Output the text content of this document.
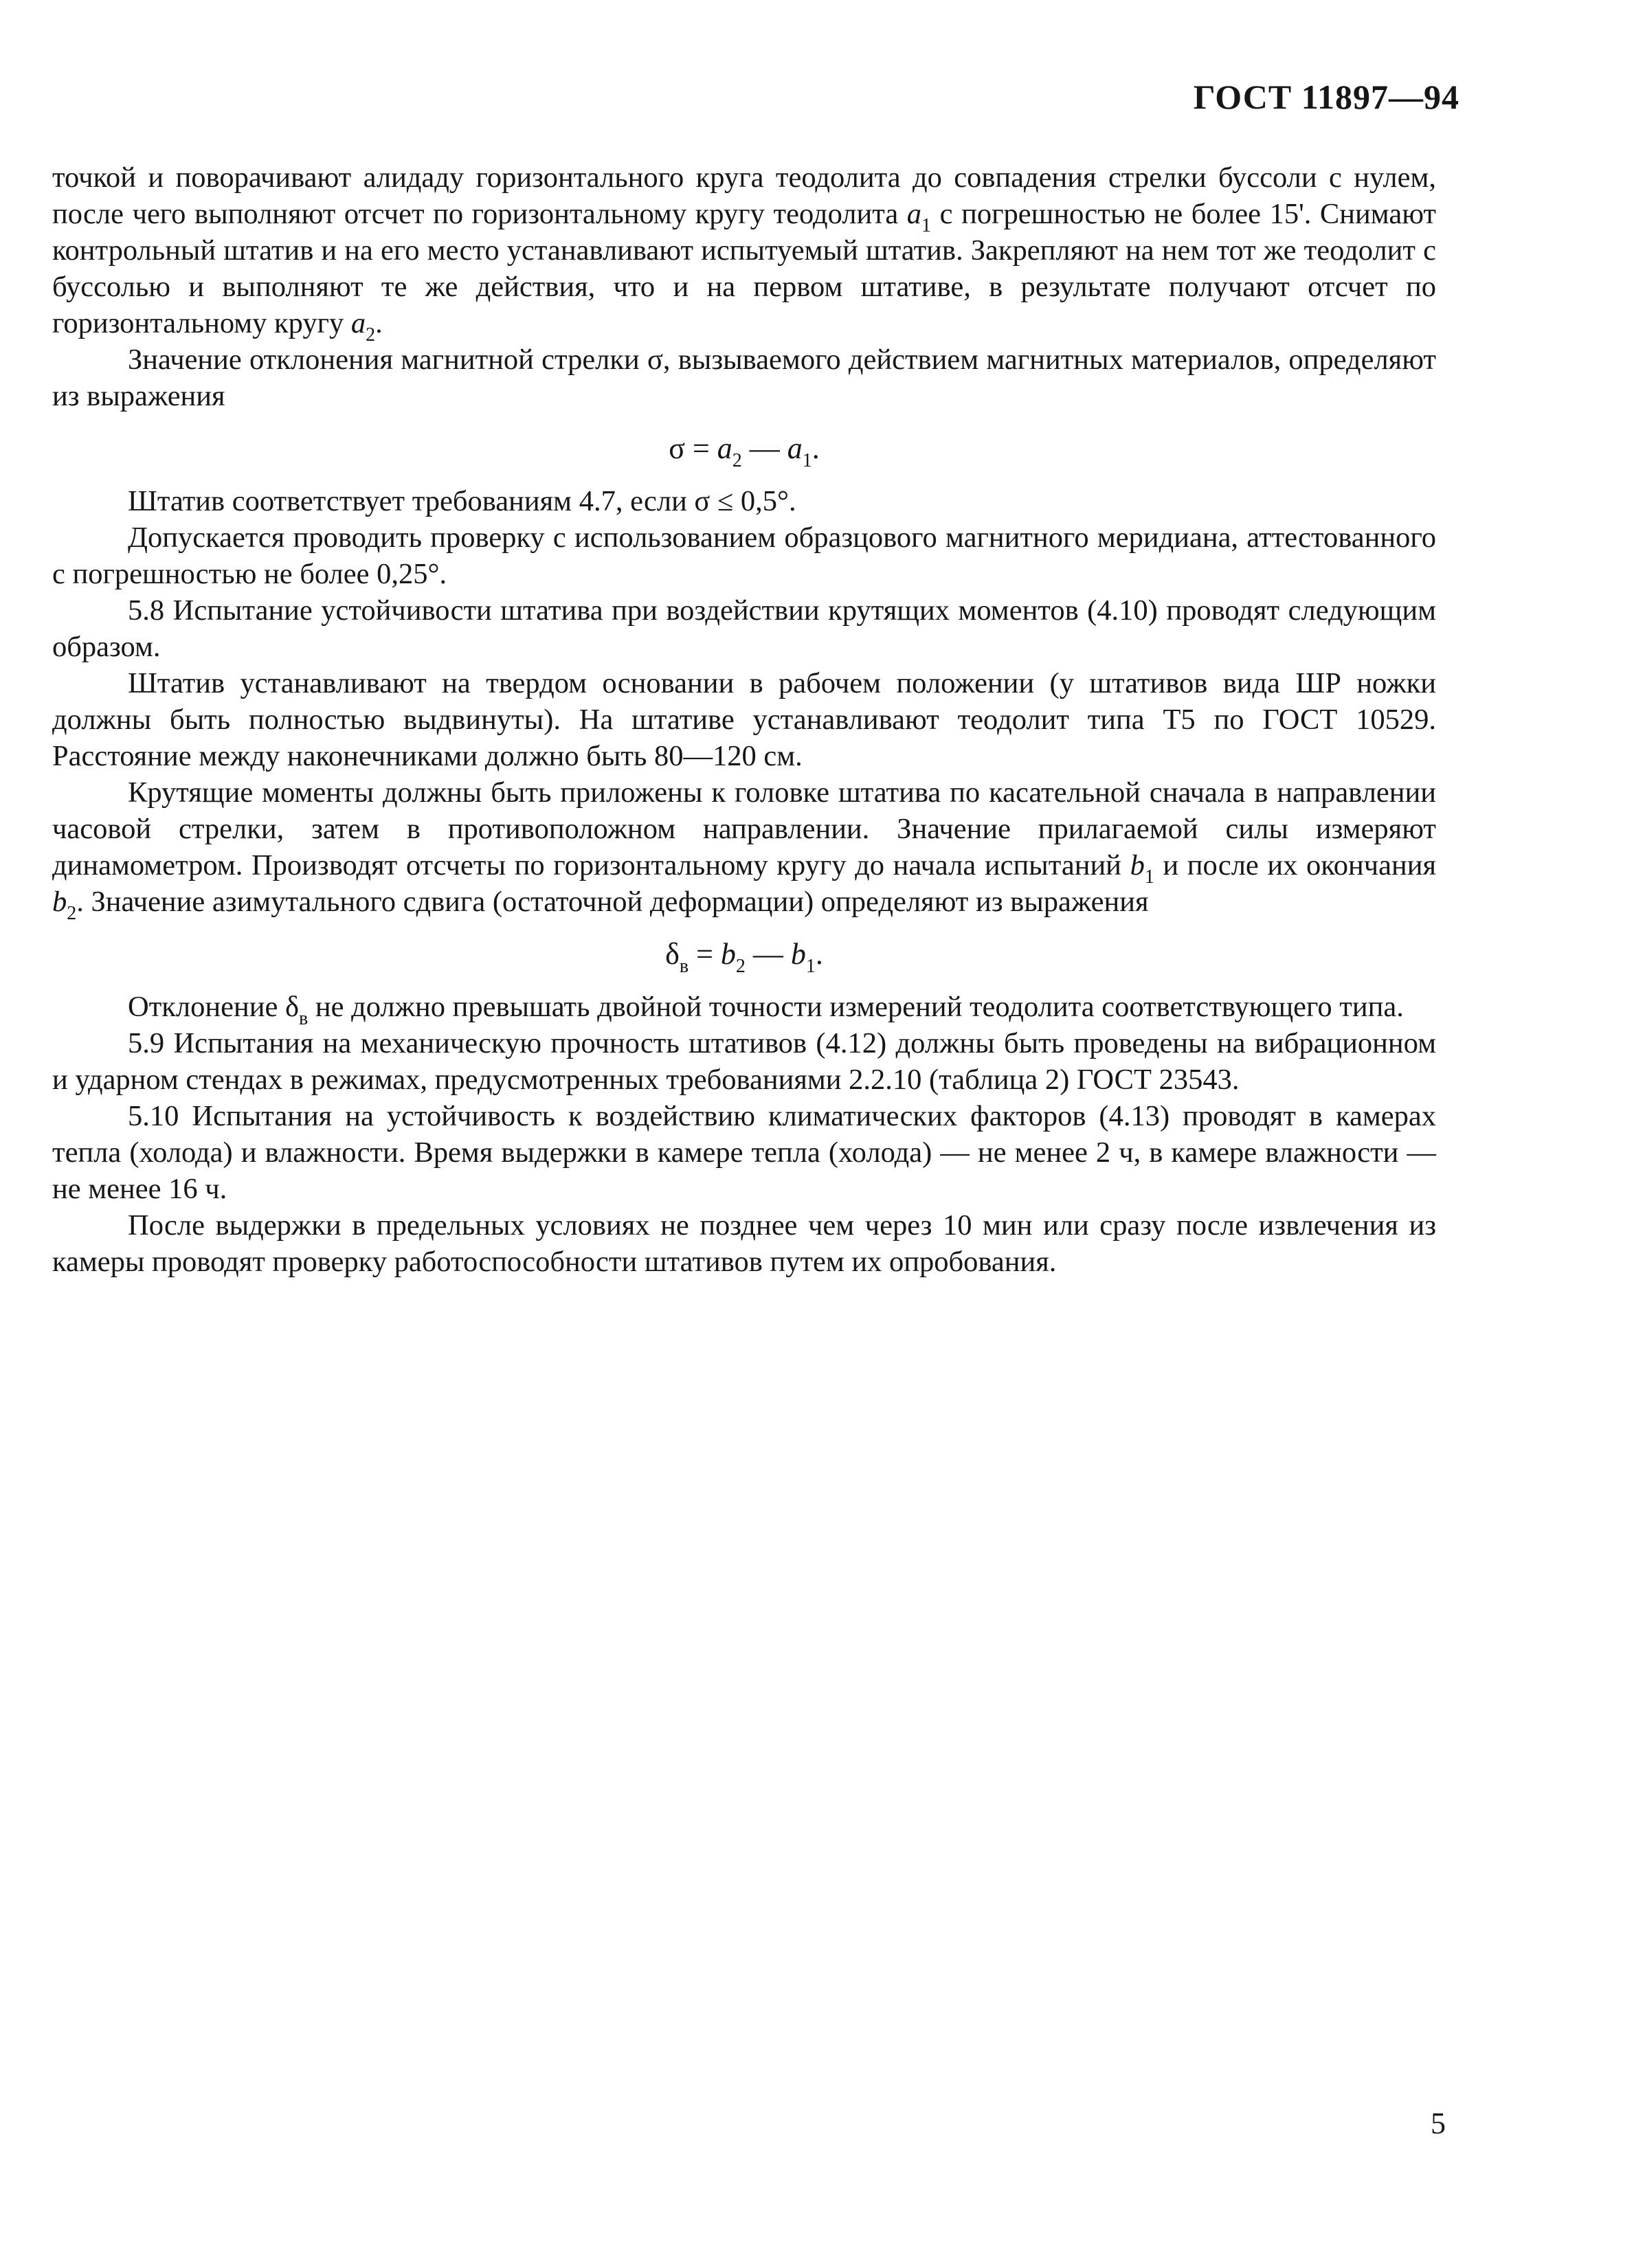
ГОСТ 11897—94

точкой и поворачивают алидаду горизонтального круга теодолита до совпадения стрелки буссоли с нулем, после чего выполняют отсчет по горизонтальному кругу теодолита $a_1$ с погрешностью не более 15'. Снимают контрольный штатив и на его место устанавливают испытуемый штатив. Закрепляют на нем тот же теодолит с буссолью и выполняют те же действия, что и на первом штативе, в результате получают отсчет по горизонтальному кругу $a_2$.

Значение отклонения магнитной стрелки σ, вызываемого действием магнитных материалов, определяют из выражения

$\sigma = a_2$ — $a_1$.

Штатив соответствует требованиям 4.7, если σ ≤ 0,5°.

Допускается проводить проверку с использованием образцового магнитного меридиана, аттестованного с погрешностью не более 0,25°.

5.8 Испытание устойчивости штатива при воздействии крутящих моментов (4.10) проводят следующим образом.

Штатив устанавливают на твердом основании в рабочем положении (у штативов вида ШР ножки должны быть полностью выдвинуты). На штативе устанавливают теодолит типа Т5 по ГОСТ 10529. Расстояние между наконечниками должно быть 80—120 см.

Крутящие моменты должны быть приложены к головке штатива по касательной сначала в направлении часовой стрелки, затем в противоположном направлении. Значение прилагаемой силы измеряют динамометром. Производят отсчеты по горизонтальному кругу до начала испытаний $b_1$ и после их окончания $b_2$. Значение азимутального сдвига (остаточной деформации) определяют из выражения

$\delta_в = b_2$ — $b_1$.

Отклонение $\delta_в$ не должно превышать двойной точности измерений теодолита соответствующего типа.

5.9 Испытания на механическую прочность штативов (4.12) должны быть проведены на вибрационном и ударном стендах в режимах, предусмотренных требованиями 2.2.10 (таблица 2) ГОСТ 23543.

5.10 Испытания на устойчивость к воздействию климатических факторов (4.13) проводят в камерах тепла (холода) и влажности. Время выдержки в камере тепла (холода) — не менее 2 ч, в камере влажности — не менее 16 ч.

После выдержки в предельных условиях не позднее чем через 10 мин или сразу после извлечения из камеры проводят проверку работоспособности штативов путем их опробования.

5
